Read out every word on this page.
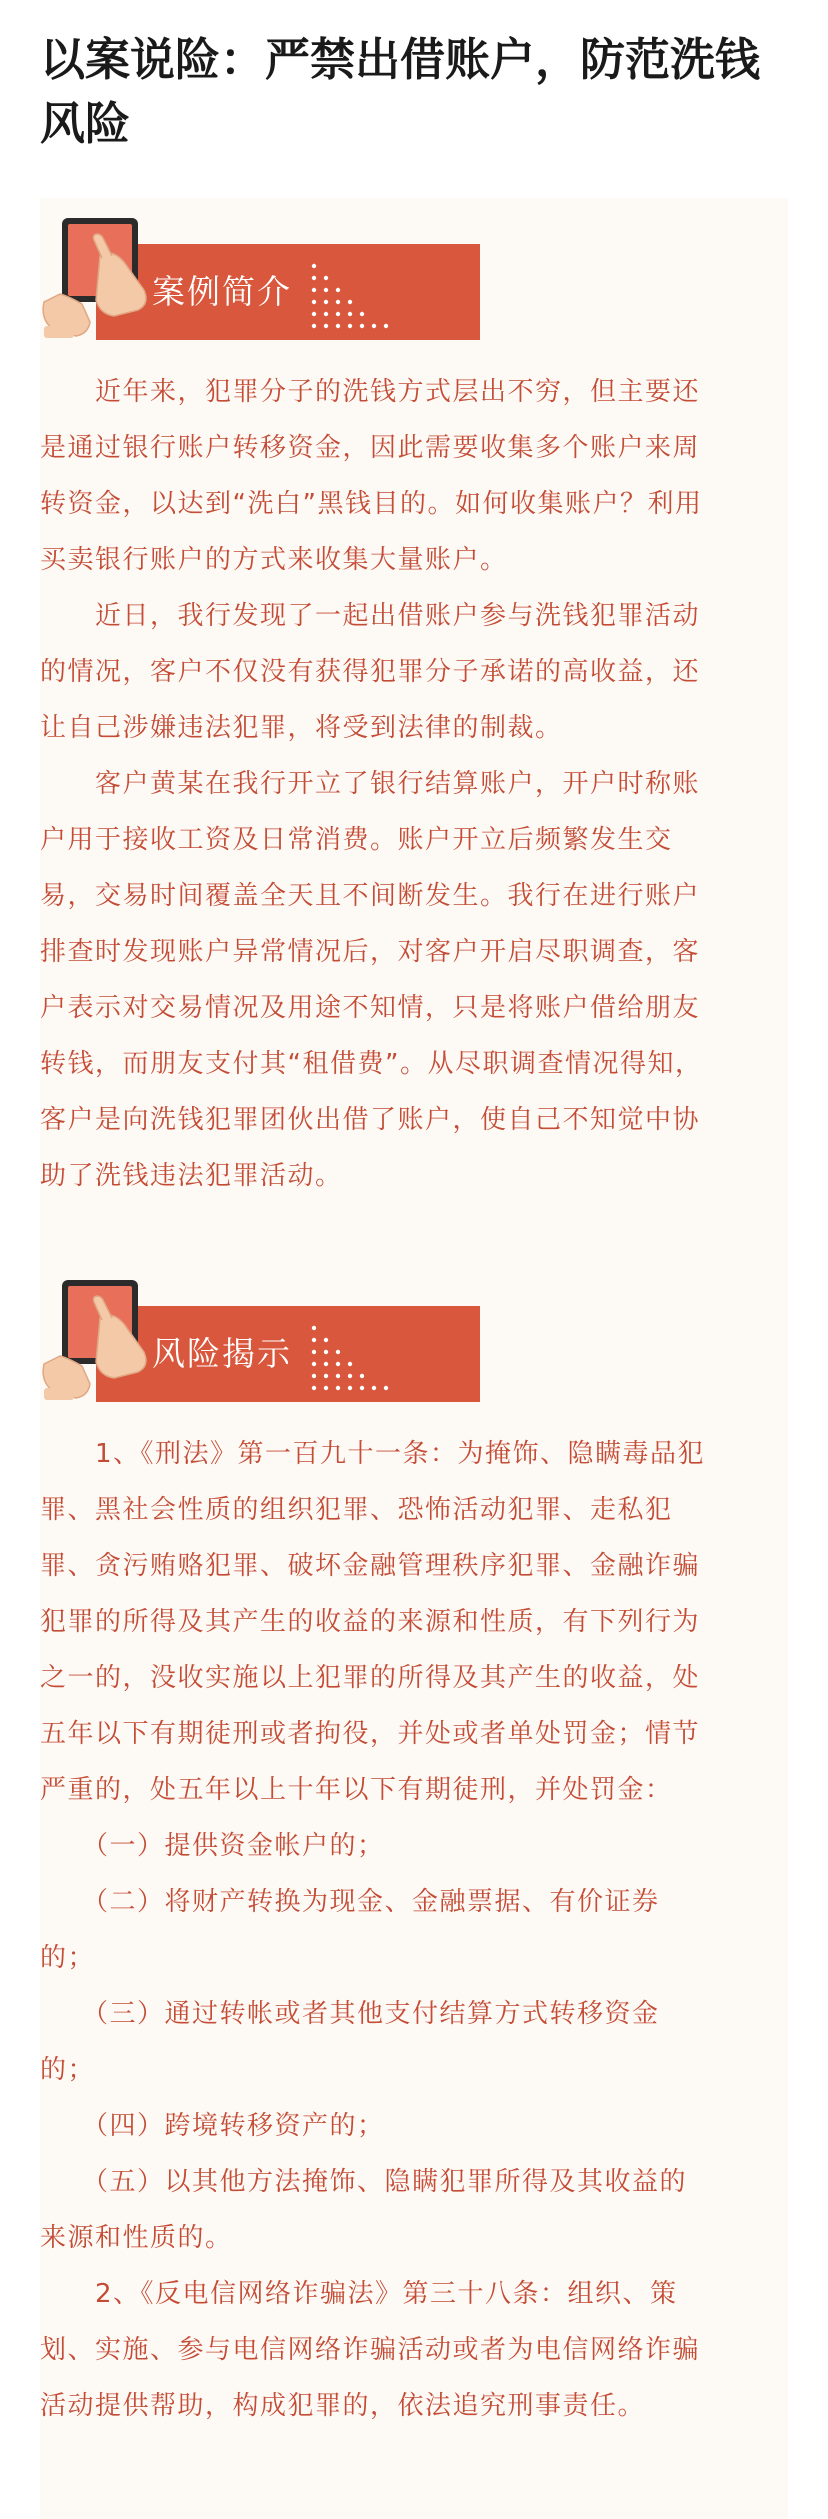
以案说险：严禁出借账户，防范洗钱风险
案例简介

　　近年来，犯罪分子的洗钱方式层出不穷，但主要还
是通过银行账户转移资金，因此需要收集多个账户来周
转资金，以达到“洗白”黑钱目的。如何收集账户？利用
买卖银行账户的方式来收集大量账户。

　　近日，我行发现了一起出借账户参与洗钱犯罪活动
的情况，客户不仅没有获得犯罪分子承诺的高收益，还
让自己涉嫌违法犯罪，将受到法律的制裁。

　　客户黄某在我行开立了银行结算账户，开户时称账
户用于接收工资及日常消费。账户开立后频繁发生交
易，交易时间覆盖全天且不间断发生。我行在进行账户
排查时发现账户异常情况后，对客户开启尽职调查，客
户表示对交易情况及用途不知情，只是将账户借给朋友
转钱，而朋友支付其“租借费”。从尽职调查情况得知，
客户是向洗钱犯罪团伙出借了账户，使自己不知觉中协
助了洗钱违法犯罪活动。

风险揭示

　　1、《刑法》第一百九十一条：为掩饰、隐瞒毒品犯
罪、黑社会性质的组织犯罪、恐怖活动犯罪、走私犯
罪、贪污贿赂犯罪、破坏金融管理秩序犯罪、金融诈骗
犯罪的所得及其产生的收益的来源和性质，有下列行为
之一的，没收实施以上犯罪的所得及其产生的收益，处
五年以下有期徒刑或者拘役，并处或者单处罚金；情节
严重的，处五年以上十年以下有期徒刑，并处罚金：

　　（一）提供资金帐户的；

　　（二）将财产转换为现金、金融票据、有价证券
的；

　　（三）通过转帐或者其他支付结算方式转移资金
的；

　　（四）跨境转移资产的；

　　（五）以其他方法掩饰、隐瞒犯罪所得及其收益的
来源和性质的。

　　2、《反电信网络诈骗法》第三十八条：组织、策
划、实施、参与电信网络诈骗活动或者为电信网络诈骗
活动提供帮助，构成犯罪的，依法追究刑事责任。
